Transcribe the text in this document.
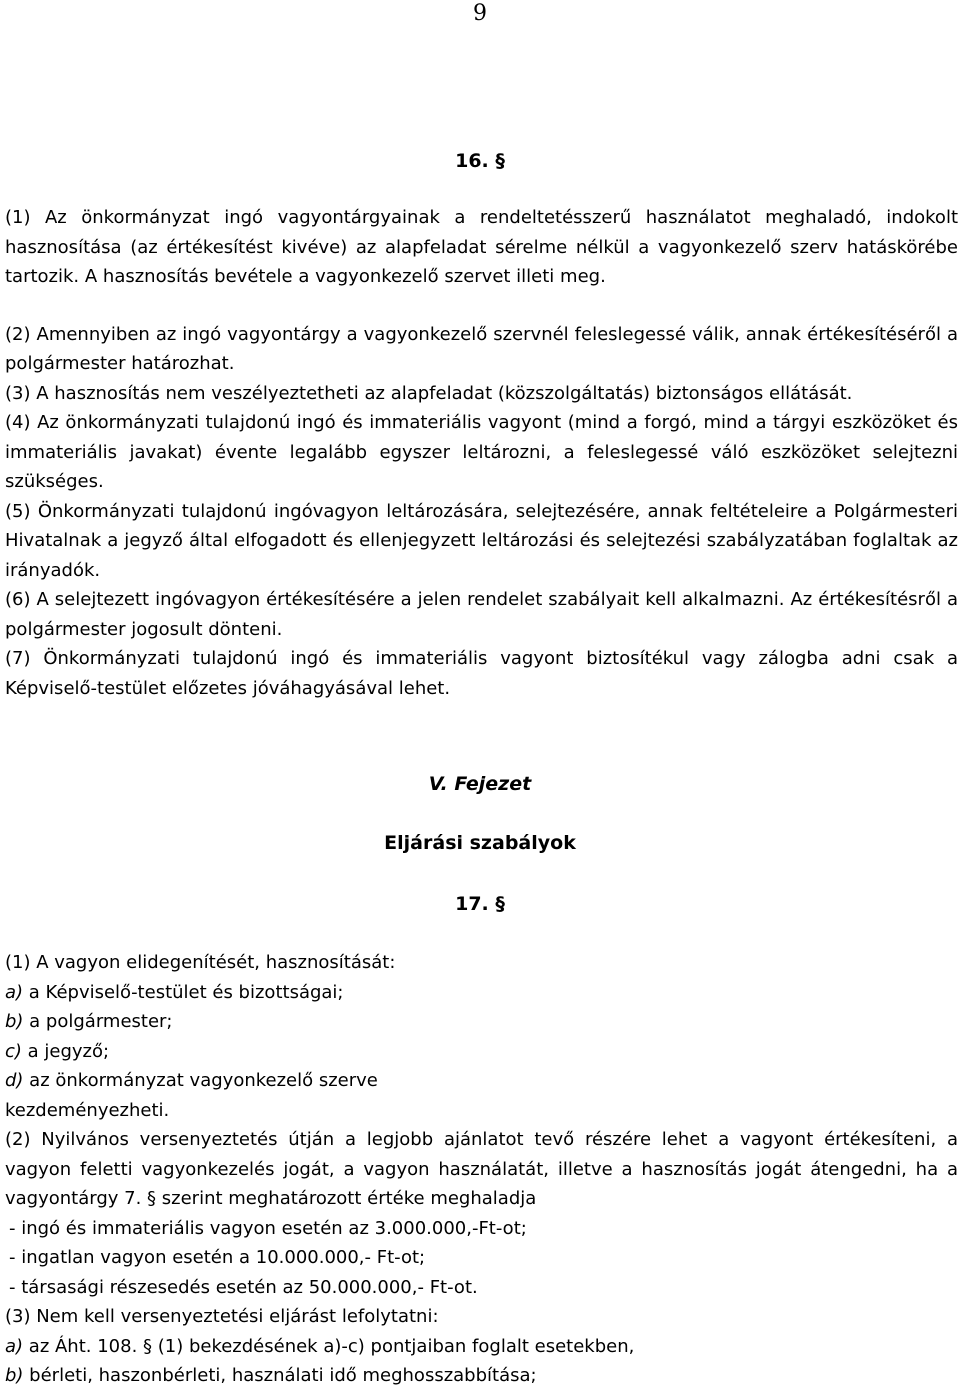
9
16. §

(1) Az önkormányzat ingó vagyontárgyainak a rendeltetésszerű használatot meghaladó, indokolt hasznosítása (az értékesítést kivéve) az alapfeladat sérelme nélkül a vagyonkezelő szerv hatáskörébe tartozik. A hasznosítás bevétele a vagyonkezelő szervet illeti meg.

(2) Amennyiben az ingó vagyontárgy a vagyonkezelő szervnél feleslegessé válik, annak értékesítéséről a polgármester határozhat.

(3) A hasznosítás nem veszélyeztetheti az alapfeladat (közszolgáltatás) biztonságos ellátását.

(4) Az önkormányzati tulajdonú ingó és immateriális vagyont (mind a forgó, mind a tárgyi eszközöket és immateriális javakat) évente legalább egyszer leltározni, a feleslegessé váló eszközöket selejtezni szükséges.

(5) Önkormányzati tulajdonú ingóvagyon leltározására, selejtezésére, annak feltételeire a Polgármesteri Hivatalnak a jegyző által elfogadott és ellenjegyzett leltározási és selejtezési szabályzatában foglaltak az irányadók.

(6) A selejtezett ingóvagyon értékesítésére a jelen rendelet szabályait kell alkalmazni. Az értékesítésről a polgármester jogosult dönteni.

(7) Önkormányzati tulajdonú ingó és immateriális vagyont biztosítékul vagy zálogba adni csak a Képviselő-testület előzetes jóváhagyásával lehet.

V. Fejezet
Eljárási szabályok
17. §

(1) A vagyon elidegenítését, hasznosítását:

a) a Képviselő-testület és bizottságai;

b) a polgármester;

c) a jegyző;

d) az önkormányzat vagyonkezelő szerve

kezdeményezheti.

(2) Nyilvános versenyeztetés útján a legjobb ajánlatot tevő részére lehet a vagyont értékesíteni, a vagyon feletti vagyonkezelés jogát, a vagyon használatát, illetve a hasznosítás jogát átengedni, ha a vagyontárgy 7. § szerint meghatározott értéke meghaladja

- ingó és immateriális vagyon esetén az 3.000.000,-Ft-ot;

- ingatlan vagyon esetén a 10.000.000,- Ft-ot;

- társasági részesedés esetén az 50.000.000,- Ft-ot.

(3) Nem kell versenyeztetési eljárást lefolytatni:

a) az Áht. 108. § (1) bekezdésének a)-c) pontjaiban foglalt esetekben,

b) bérleti, haszonbérleti, használati idő meghosszabbítása;
